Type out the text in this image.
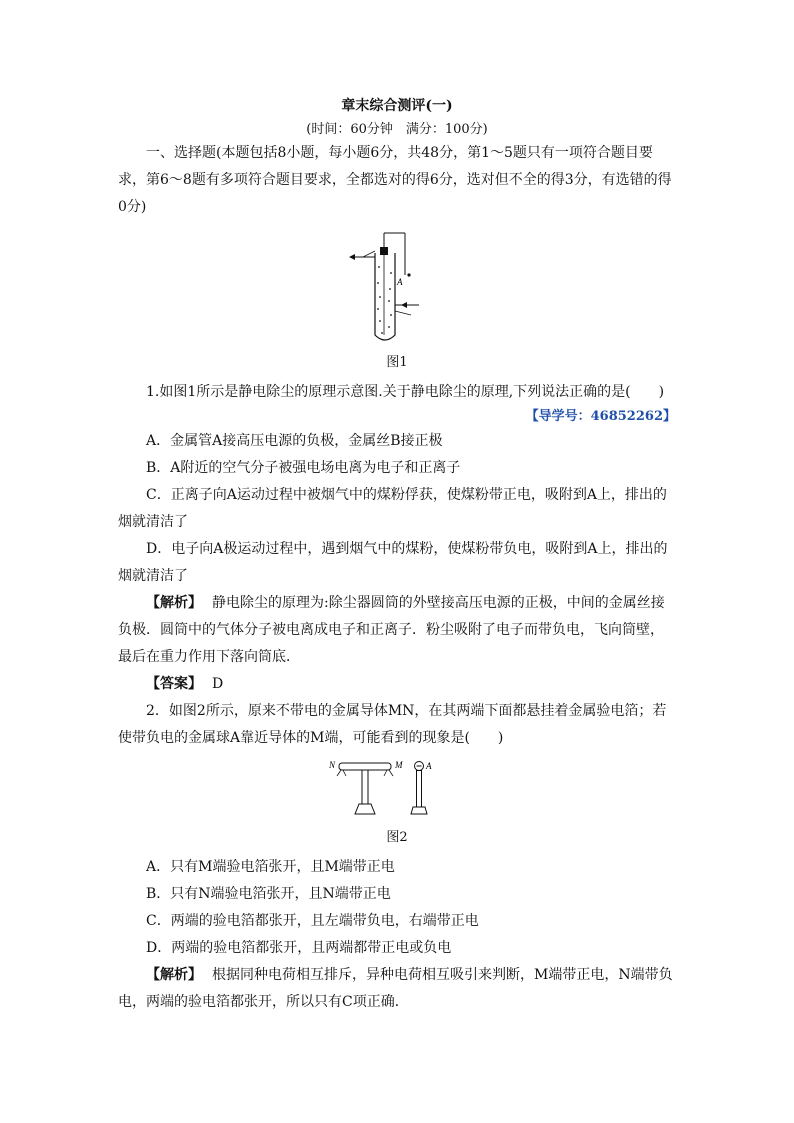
章末综合测评(一)
(时间：60分钟　满分：100分)

一、选择题(本题包括8小题，每小题6分，共48分，第1～5题只有一项符合题目要求，第6～8题有多项符合题目要求，全都选对的得6分，选对但不全的得3分，有选错的得0分)

A
图1

1.如图1所示是静电除尘的原理示意图.关于静电除尘的原理,下列说法正确的是(　　)

【导学号：46852262】

A．金属管A接高压电源的负极，金属丝B接正极

B．A附近的空气分子被强电场电离为电子和正离子

C．正离子向A运动过程中被烟气中的煤粉俘获，使煤粉带正电，吸附到A上，排出的烟就清洁了

D．电子向A极运动过程中，遇到烟气中的煤粉，使煤粉带负电，吸附到A上，排出的烟就清洁了

【解析】 静电除尘的原理为:除尘器圆筒的外壁接高压电源的正极，中间的金属丝接负极．圆筒中的气体分子被电离成电子和正离子．粉尘吸附了电子而带负电，飞向筒壁，最后在重力作用下落向筒底．

【答案】 D

2．如图2所示，原来不带电的金属导体MN，在其两端下面都悬挂着金属验电箔；若使带负电的金属球A靠近导体的M端，可能看到的现象是(　　)

N	M	A
图2

A．只有M端验电箔张开，且M端带正电

B．只有N端验电箔张开，且N端带正电

C．两端的验电箔都张开，且左端带负电，右端带正电

D．两端的验电箔都张开，且两端都带正电或负电

【解析】 根据同种电荷相互排斥，异种电荷相互吸引来判断，M端带正电，N端带负电，两端的验电箔都张开，所以只有C项正确．
